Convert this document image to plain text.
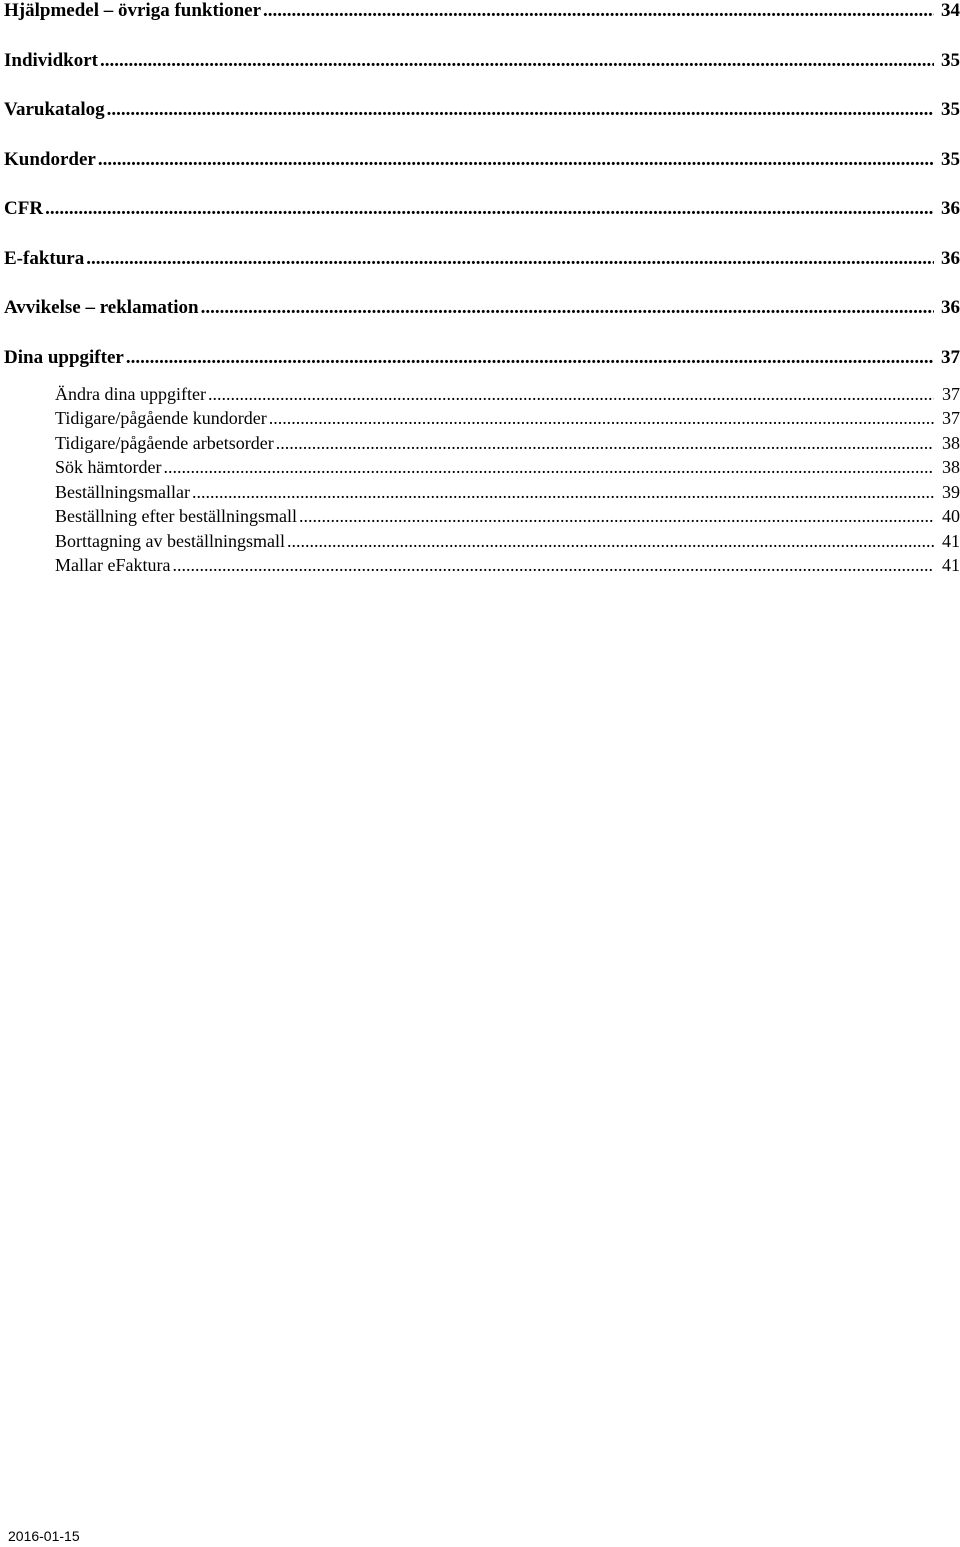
Hjälpmedel – övriga funktioner .....	34
Individkort .....	35
Varukatalog .....	35
Kundorder .....	35
CFR .....	36
E-faktura .....	36
Avvikelse – reklamation .....	36
Dina uppgifter .....	37
Ändra dina uppgifter .....	37
Tidigare/pågående kundorder .....	37
Tidigare/pågående arbetsorder .....	38
Sök hämtorder .....	38
Beställningsmallar .....	39
Beställning efter beställningsmall .....	40
Borttagning av beställningsmall .....	41
Mallar eFaktura .....	41
2016-01-15
